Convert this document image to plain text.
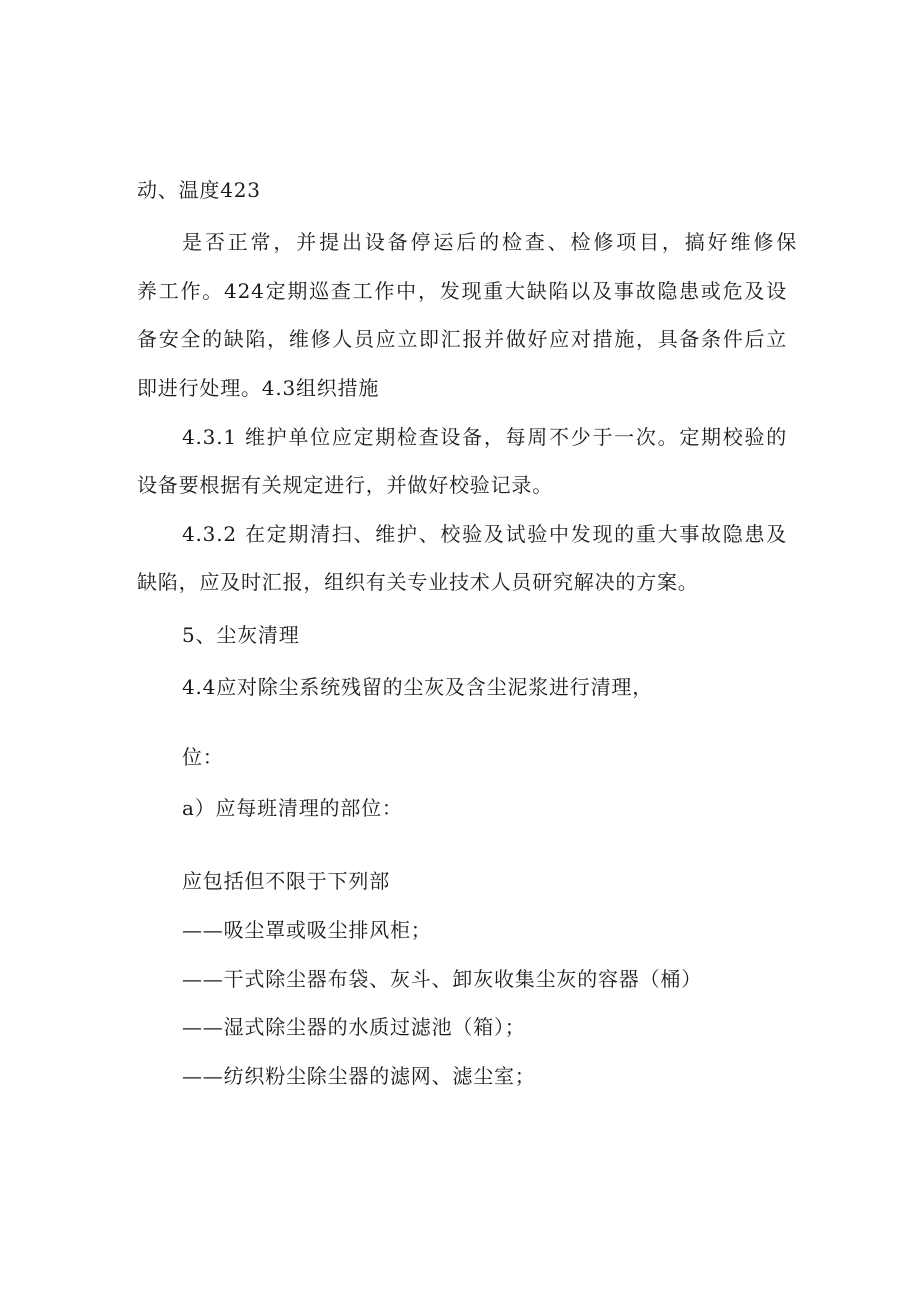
动、温度423

是否正常，并提出设备停运后的检查、检修项目，搞好维修保

养工作。424定期巡查工作中，发现重大缺陷以及事故隐患或危及设

备安全的缺陷，维修人员应立即汇报并做好应对措施，具备条件后立

即进行处理。4.3组织措施

4.3.1 维护单位应定期检查设备，每周不少于一次。定期校验的

设备要根据有关规定进行，并做好校验记录。

4.3.2 在定期清扫、维护、校验及试验中发现的重大事故隐患及

缺陷，应及时汇报，组织有关专业技术人员研究解决的方案。

5、尘灰清理

4.4应对除尘系统残留的尘灰及含尘泥浆进行清理，

位：

a）应每班清理的部位：

应包括但不限于下列部

——吸尘罩或吸尘排风柜；

——干式除尘器布袋、灰斗、卸灰收集尘灰的容器（桶）

——湿式除尘器的水质过滤池（箱）；

——纺织粉尘除尘器的滤网、滤尘室；
